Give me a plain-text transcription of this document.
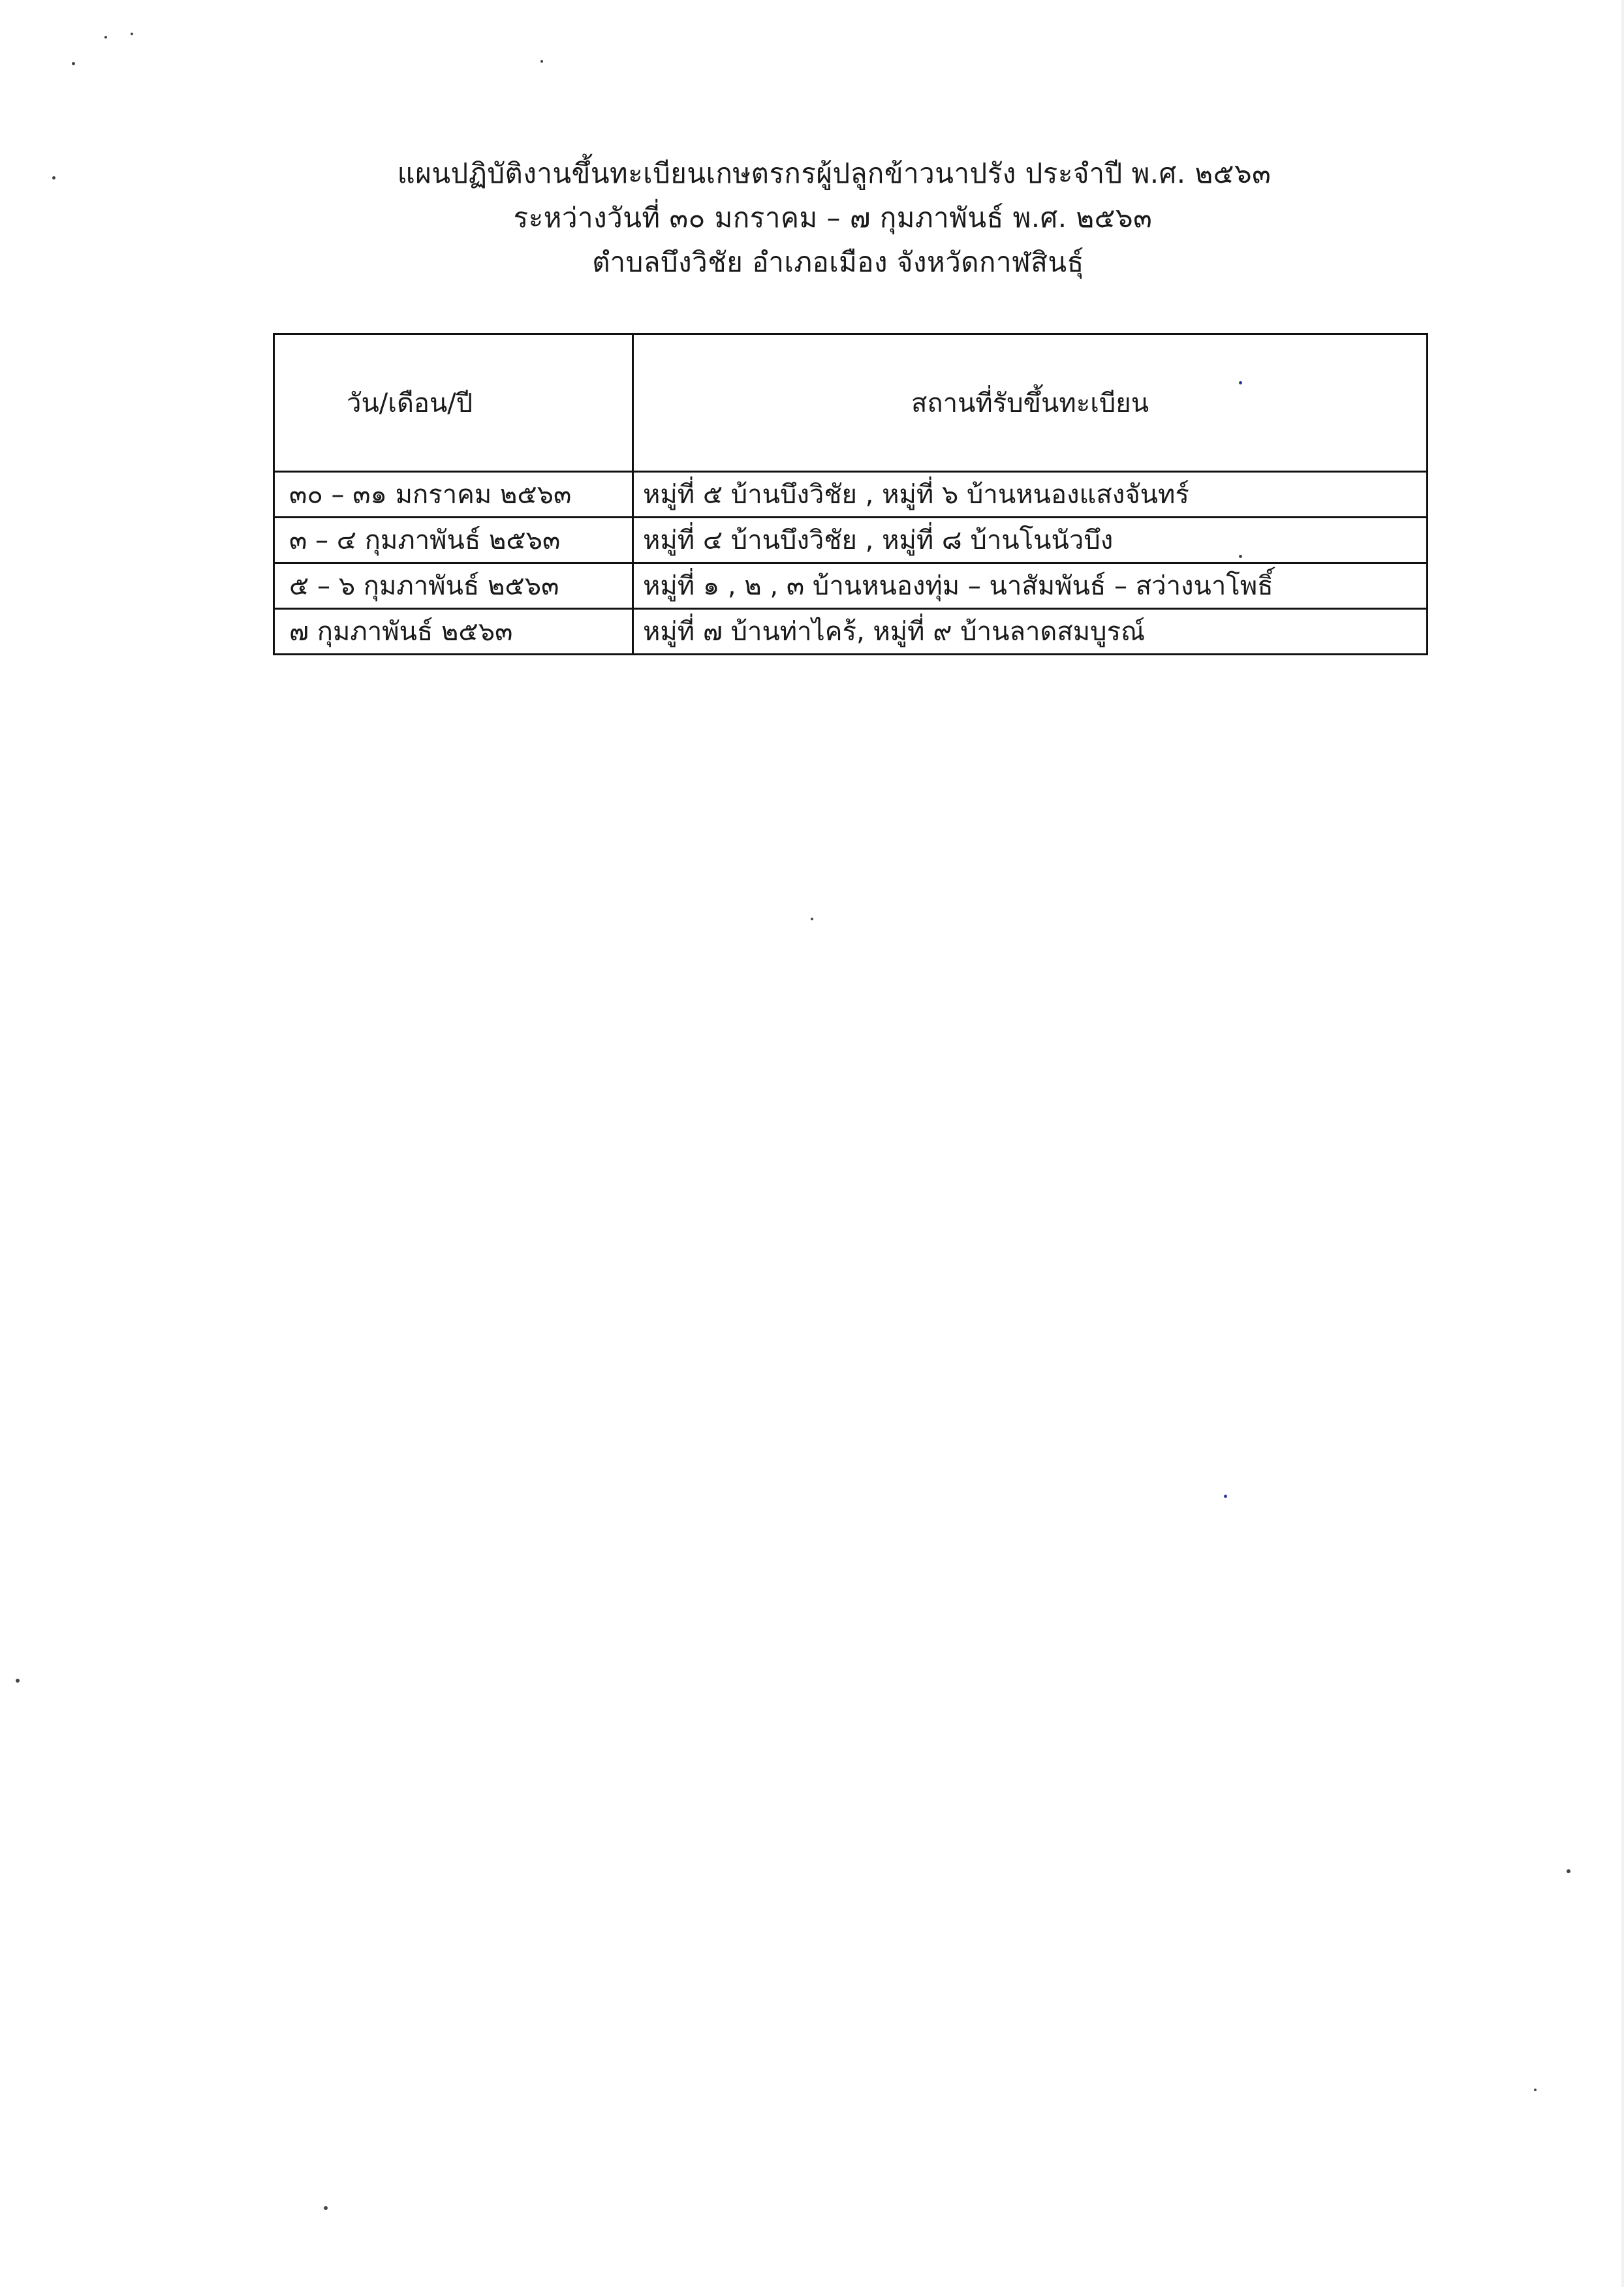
แผนปฏิบัติงานขึ้นทะเบียนเกษตรกรผู้ปลูกข้าวนาปรัง ประจำปี พ.ศ. ๒๕๖๓
ระหว่างวันที่ ๓๐ มกราคม – ๗ กุมภาพันธ์ พ.ศ. ๒๕๖๓
ตำบลบึงวิชัย อำเภอเมือง จังหวัดกาฬสินธุ์
วัน/เดือน/ปี	สถานที่รับขึ้นทะเบียน
๓๐ – ๓๑ มกราคม ๒๕๖๓	หมู่ที่ ๕ บ้านบึงวิชัย , หมู่ที่ ๖ บ้านหนองแสงจันทร์
๓ – ๔ กุมภาพันธ์ ๒๕๖๓	หมู่ที่ ๔ บ้านบึงวิชัย , หมู่ที่ ๘ บ้านโนนัวบึง
๕ – ๖ กุมภาพันธ์ ๒๕๖๓	หมู่ที่ ๑ , ๒ , ๓ บ้านหนองทุ่ม – นาสัมพันธ์ – สว่างนาโพธิ์
๗ กุมภาพันธ์ ๒๕๖๓	หมู่ที่ ๗ บ้านท่าไคร้, หมู่ที่ ๙ บ้านลาดสมบูรณ์
